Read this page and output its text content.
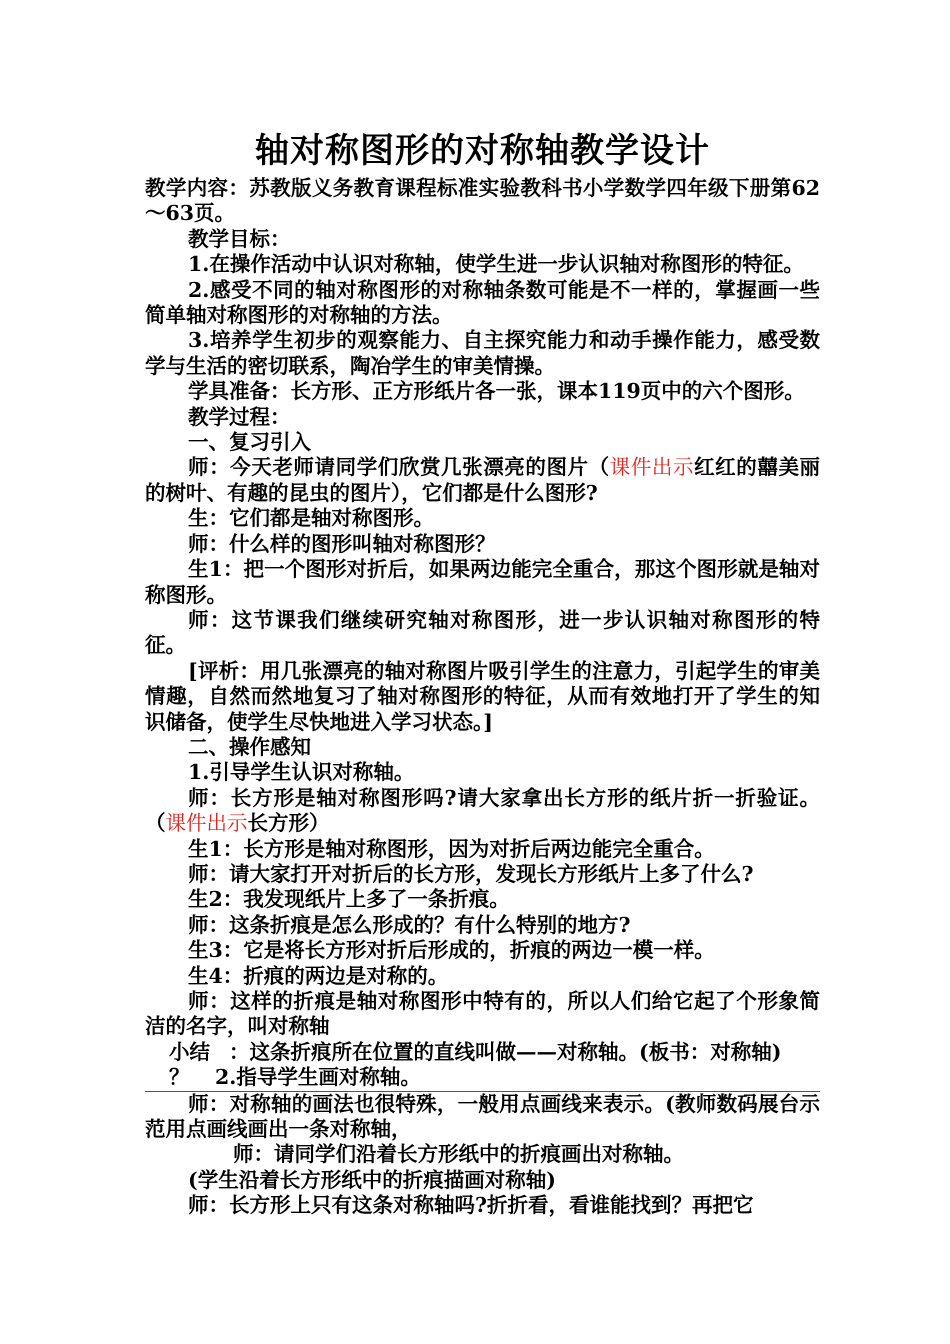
轴对称图形的对称轴教学设计

教学内容：苏教版义务教育课程标准实验教科书小学数学四年级下册第62～63页。

教学目标：

1.在操作活动中认识对称轴，使学生进一步认识轴对称图形的特征。

2.感受不同的轴对称图形的对称轴条数可能是不一样的，掌握画一些简单轴对称图形的对称轴的方法。

3.培养学生初步的观察能力、自主探究能力和动手操作能力，感受数学与生活的密切联系，陶冶学生的审美情操。

学具准备：长方形、正方形纸片各一张，课本119页中的六个图形。

教学过程：

一、复习引入

师：今天老师请同学们欣赏几张漂亮的图片（课件出示红红的囍美丽的树叶、有趣的昆虫的图片），它们都是什么图形?

生：它们都是轴对称图形。

师：什么样的图形叫轴对称图形？

生1：把一个图形对折后，如果两边能完全重合，那这个图形就是轴对称图形。

师：这节课我们继续研究轴对称图形，进一步认识轴对称图形的特征。

[评析：用几张漂亮的轴对称图片吸引学生的注意力，引起学生的审美情趣，自然而然地复习了轴对称图形的特征，从而有效地打开了学生的知识储备，使学生尽快地进入学习状态。]

二、操作感知

1.引导学生认识对称轴。

师：长方形是轴对称图形吗?请大家拿出长方形的纸片折一折验证。（课件出示长方形）

生1：长方形是轴对称图形，因为对折后两边能完全重合。

师：请大家打开对折后的长方形，发现长方形纸片上多了什么?

生2：我发现纸片上多了一条折痕。

师：这条折痕是怎么形成的？有什么特别的地方?

生3：它是将长方形对折后形成的，折痕的两边一模一样。

生4：折痕的两边是对称的。

师：这样的折痕是轴对称图形中特有的，所以人们给它起了个形象简洁的名字，叫对称轴

小结 ：这条折痕所在位置的直线叫做——对称轴。(板书：对称轴)

？ 2.指导学生画对称轴。

师：对称轴的画法也很特殊，一般用点画线来表示。(教师数码展台示范用点画线画出一条对称轴，

师：请同学们沿着长方形纸中的折痕画出对称轴。

(学生沿着长方形纸中的折痕描画对称轴)

师：长方形上只有这条对称轴吗?折折看，看谁能找到？再把它
